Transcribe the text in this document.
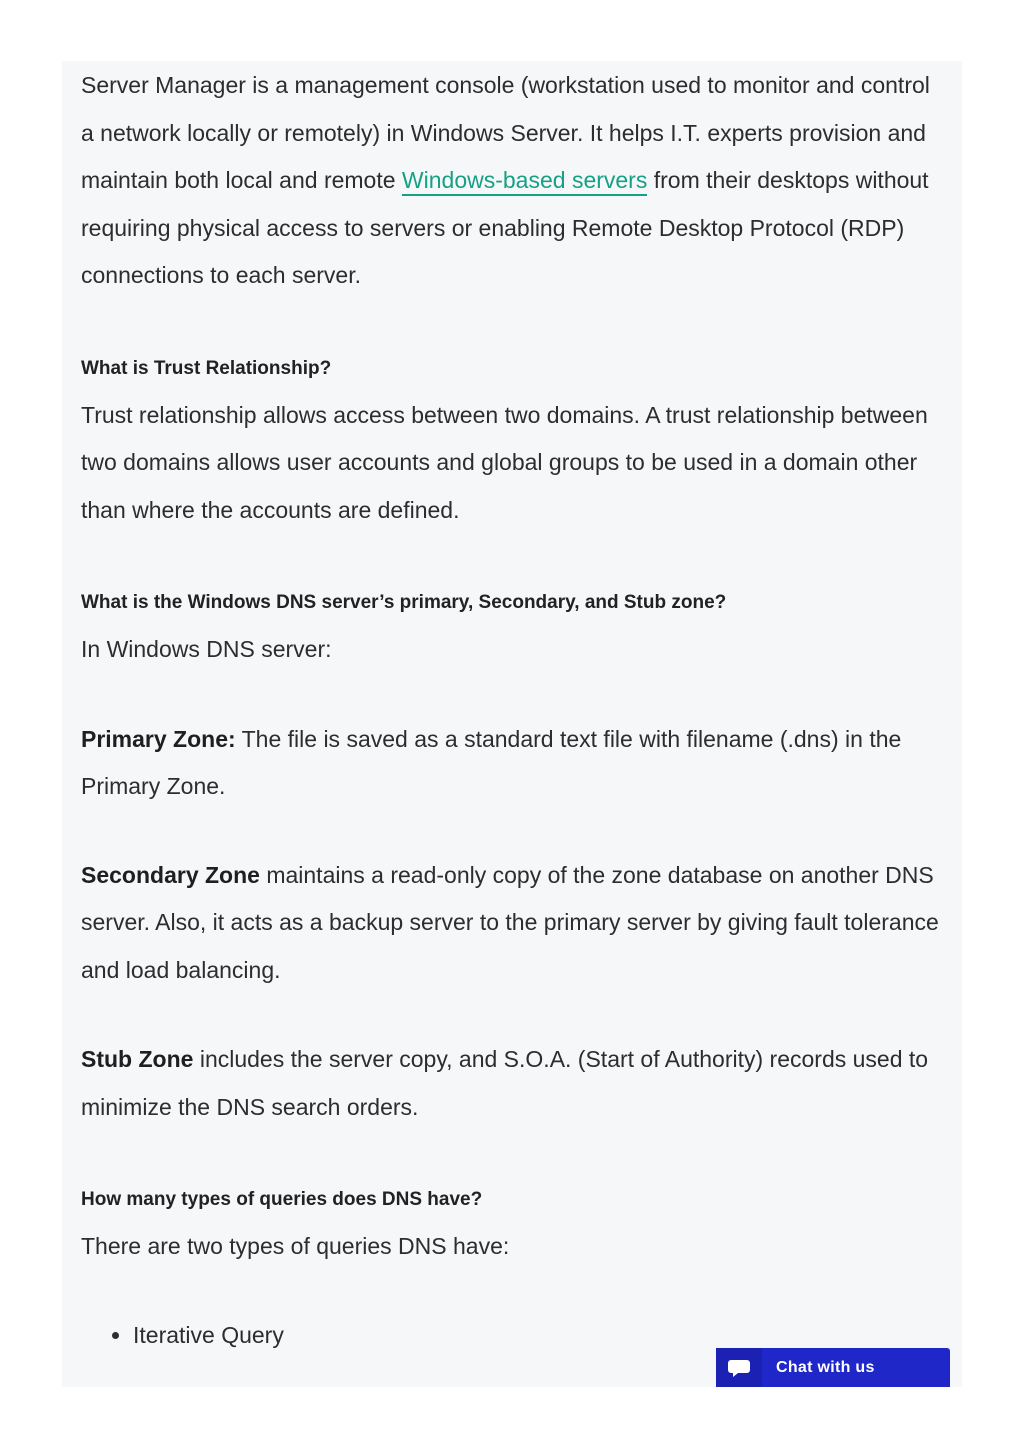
Server Manager is a management console (workstation used to monitor and control a network locally or remotely) in Windows Server. It helps I.T. experts provision and maintain both local and remote Windows-based servers from their desktops without requiring physical access to servers or enabling Remote Desktop Protocol (RDP) connections to each server.

What is Trust Relationship?

Trust relationship allows access between two domains. A trust relationship between two domains allows user accounts and global groups to be used in a domain other than where the accounts are defined.

What is the Windows DNS server’s primary, Secondary, and Stub zone?

In Windows DNS server:

Primary Zone: The file is saved as a standard text file with filename (.dns) in the Primary Zone.

Secondary Zone maintains a read-only copy of the zone database on another DNS server. Also, it acts as a backup server to the primary server by giving fault tolerance and load balancing.

Stub Zone includes the server copy, and S.O.A. (Start of Authority) records used to minimize the DNS search orders.

How many types of queries does DNS have?

There are two types of queries DNS have:

• Iterative Query
Chat with us
